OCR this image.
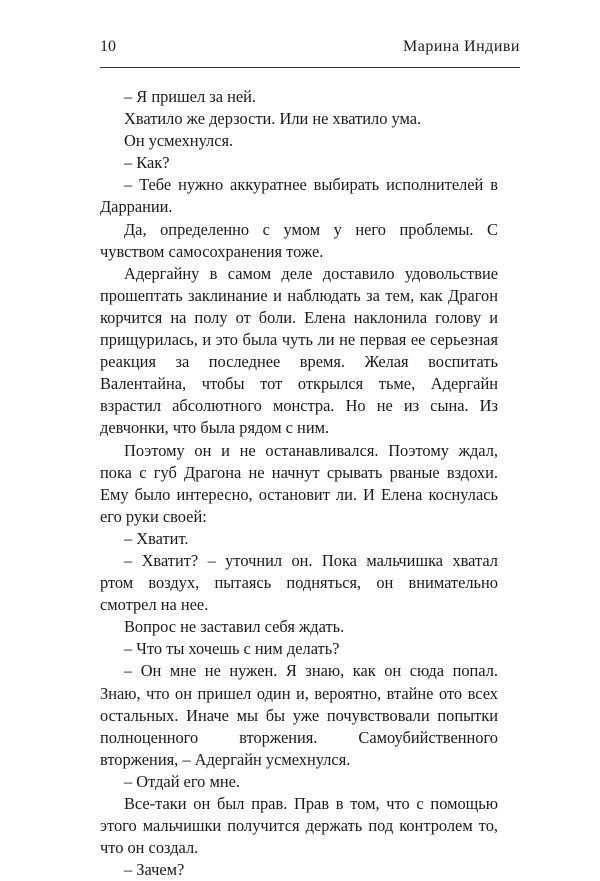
10	Марина Индиви

– Я пришел за ней.

Хватило же дерзости. Или не хватило ума.

Он усмехнулся.

– Как?

– Тебе нужно аккуратнее выбирать исполнителей в Даррании.

Да, определенно с умом у него проблемы. С чувством самосохранения тоже.

Адергайну в самом деле доставило удовольствие прошептать заклинание и наблюдать за тем, как Драгон корчится на полу от боли. Елена наклонила голову и прищурилась, и это была чуть ли не первая ее серьезная реакция за последнее время. Желая воспитать Валентайна, чтобы тот открылся тьме, Адергайн взрастил абсолютного монстра. Но не из сына. Из девчонки, что была рядом с ним.

Поэтому он и не останавливался. Поэтому ждал, пока с губ Драгона не начнут срывать рваные вздохи. Ему было интересно, остановит ли. И Елена коснулась его руки своей:

– Хватит.

– Хватит? – уточнил он. Пока мальчишка хватал ртом воздух, пытаясь подняться, он внимательно смотрел на нее.

Вопрос не заставил себя ждать.

– Что ты хочешь с ним делать?

– Он мне не нужен. Я знаю, как он сюда попал. Знаю, что он пришел один и, вероятно, втайне ото всех остальных. Иначе мы бы уже почувствовали попытки полноценного вторжения. Самоубийственного вторжения, – Адергайн усмехнулся.

– Отдай его мне.

Все-таки он был прав. Прав в том, что с помощью этого мальчишки получится держать под контролем то, что он создал.

– Зачем?
